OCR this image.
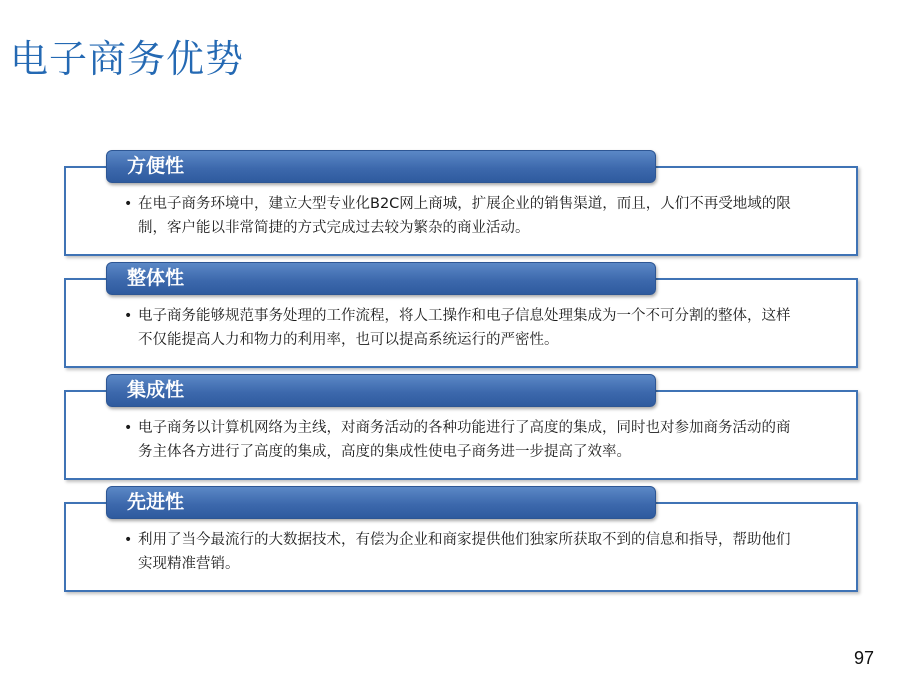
电子商务优势
方便性
• 在电子商务环境中，建立大型专业化B2C网上商城，扩展企业的销售渠道，而且，人们不再受地域的限制，客户能以非常简捷的方式完成过去较为繁杂的商业活动。
整体性
• 电子商务能够规范事务处理的工作流程，将人工操作和电子信息处理集成为一个不可分割的整体，这样不仅能提高人力和物力的利用率，也可以提高系统运行的严密性。
集成性
• 电子商务以计算机网络为主线，对商务活动的各种功能进行了高度的集成，同时也对参加商务活动的商务主体各方进行了高度的集成，高度的集成性使电子商务进一步提高了效率。
先进性
• 利用了当今最流行的大数据技术，有偿为企业和商家提供他们独家所获取不到的信息和指导，帮助他们实现精准营销。
97
